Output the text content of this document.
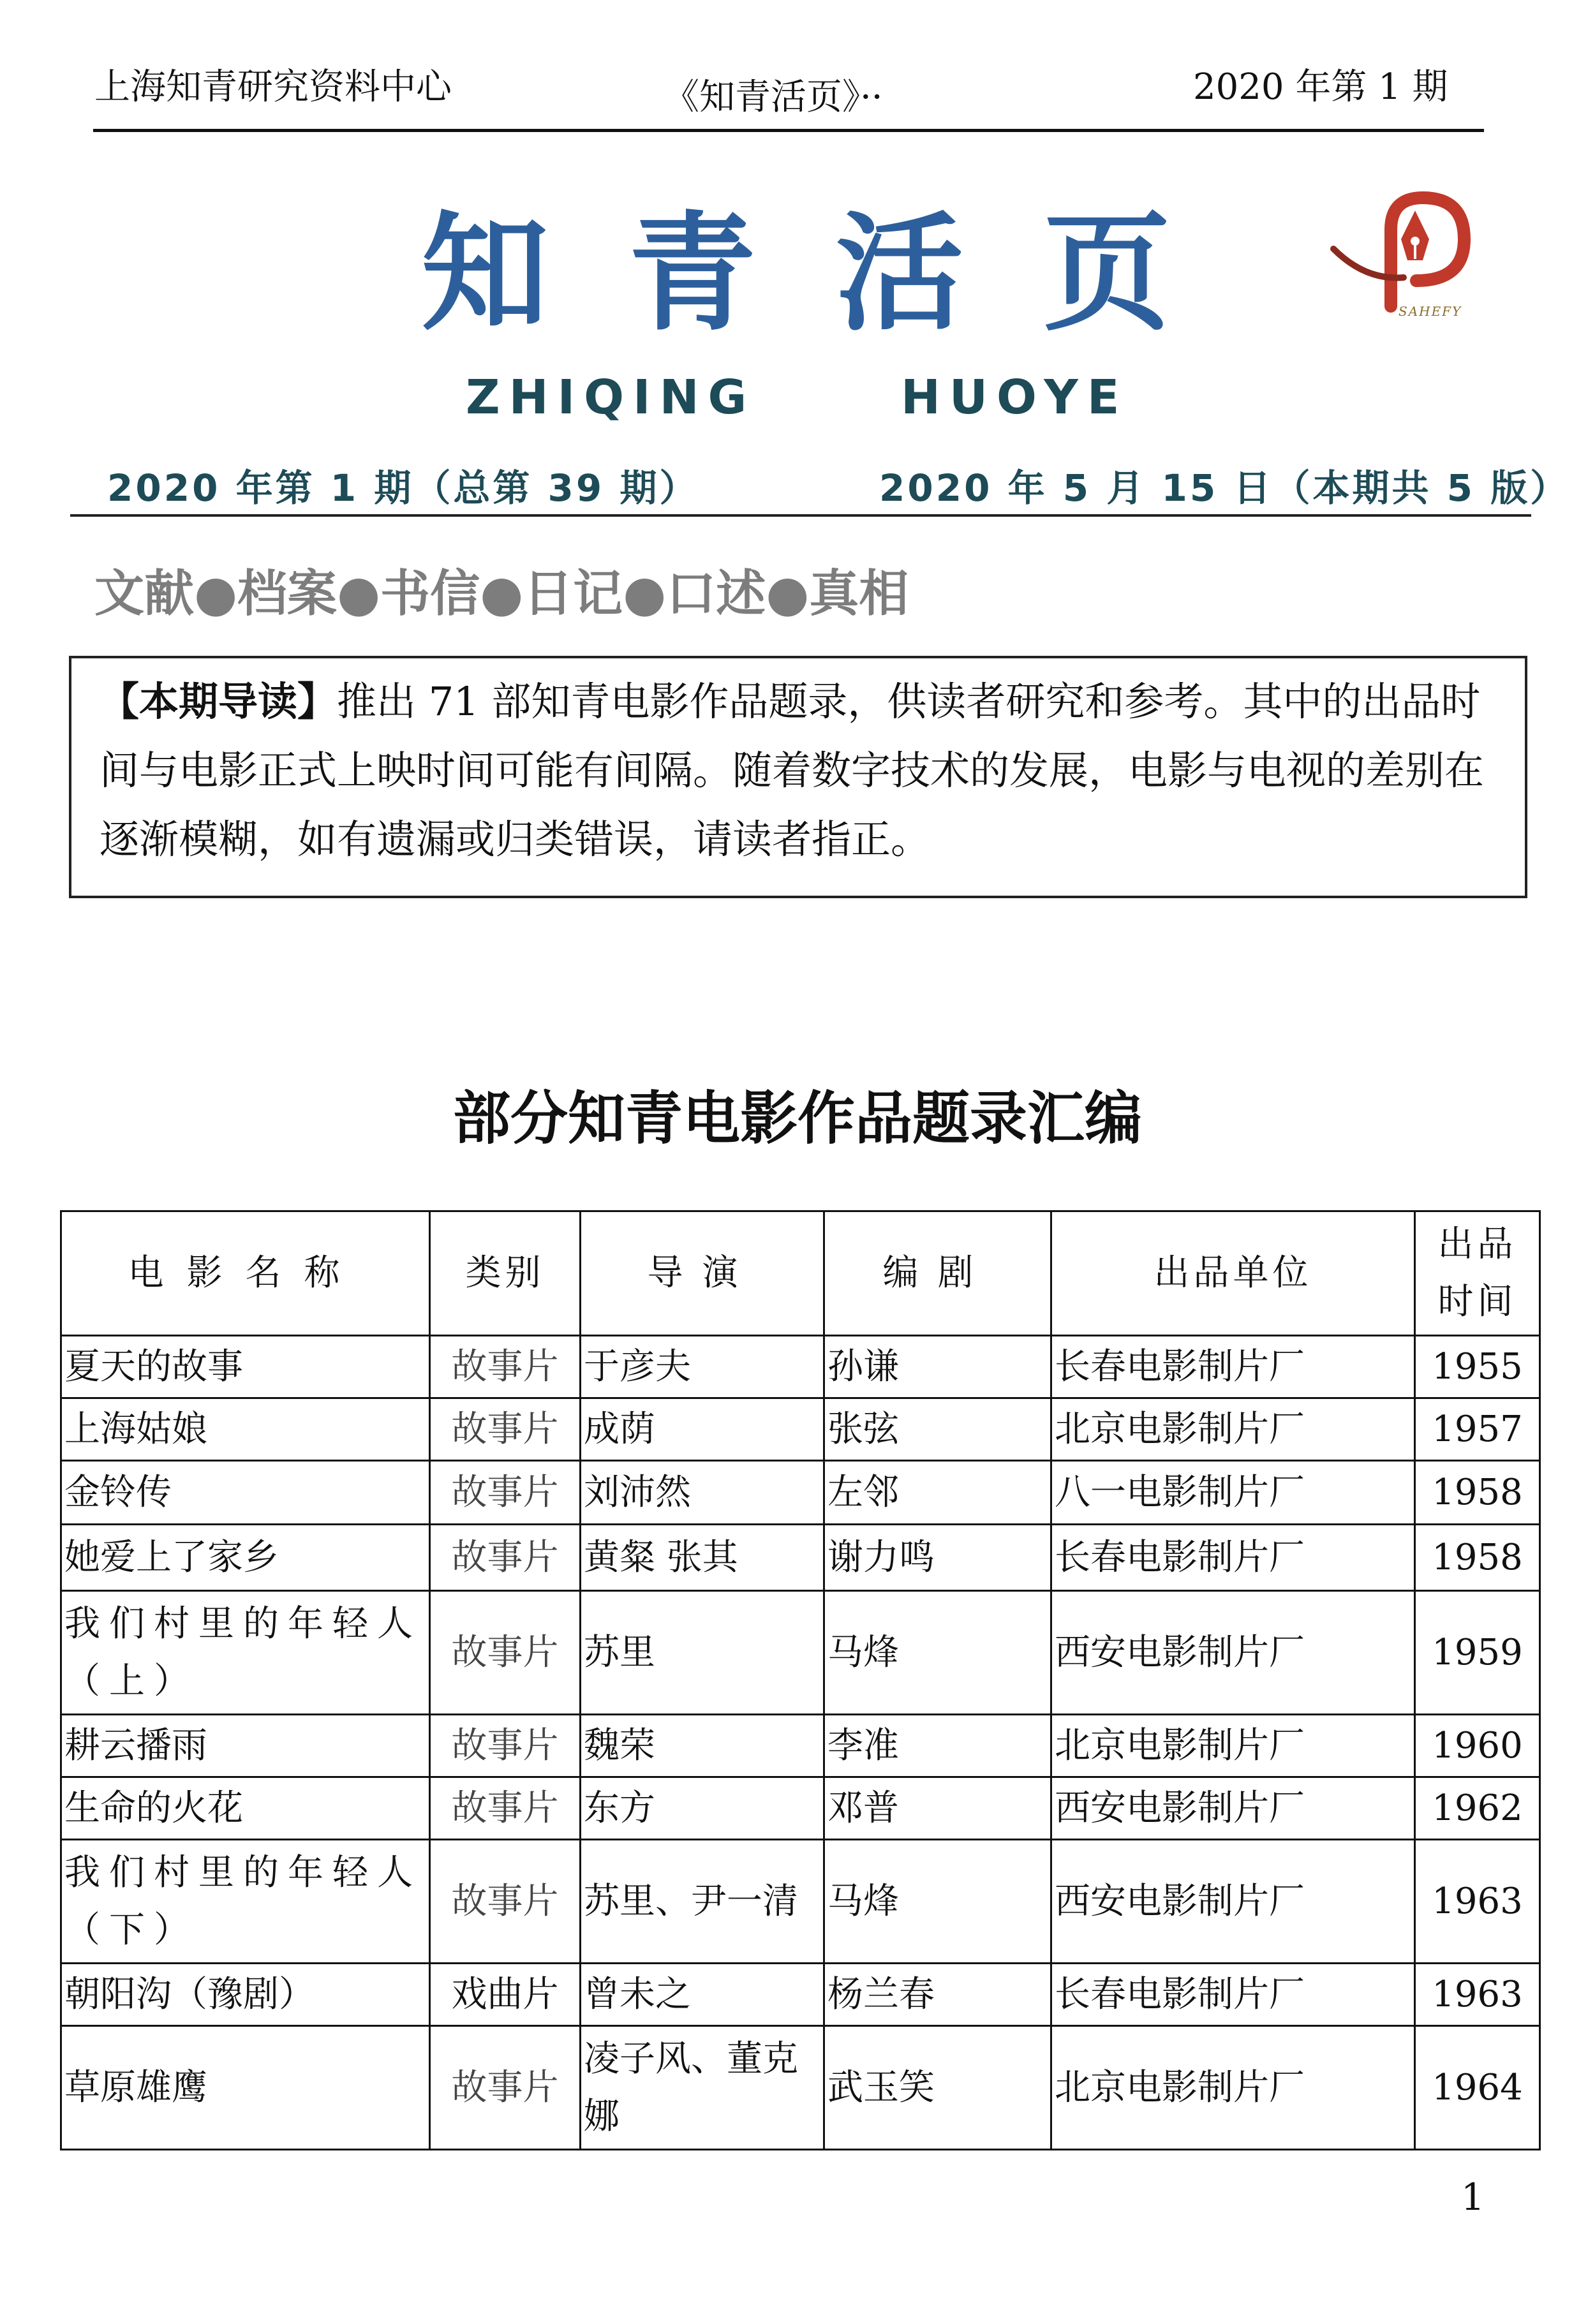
上海知青研究资料中心	《知青活页》··	2020 年第 1 期
知青活页
ZHIQING	HUOYE
SAHEFY
2020 年第 1 期（总第 39 期）	2020 年 5 月 15 日（本期共 5 版）
文献●档案●书信●日记●口述●真相
【本期导读】推出 71 部知青电影作品题录，供读者研究和参考。其中的出品时间与电影正式上映时间可能有间隔。随着数字技术的发展，电影与电视的差别在逐渐模糊，如有遗漏或归类错误，请读者指正。
部分知青电影作品题录汇编
电影名称	类别	导演	编剧	出品单位	出品时间
夏天的故事	故事片	于彦夫	孙谦	长春电影制片厂	1955
上海姑娘	故事片	成荫	张弦	北京电影制片厂	1957
金铃传	故事片	刘沛然	左邻	八一电影制片厂	1958
她爱上了家乡	故事片	黄粲 张其	谢力鸣	长春电影制片厂	1958
我们村里的年轻人（上）	故事片	苏里	马烽	西安电影制片厂	1959
耕云播雨	故事片	魏荣	李准	北京电影制片厂	1960
生命的火花	故事片	东方	邓普	西安电影制片厂	1962
我们村里的年轻人（下）	故事片	苏里、尹一清	马烽	西安电影制片厂	1963
朝阳沟（豫剧）	戏曲片	曾未之	杨兰春	长春电影制片厂	1963
草原雄鹰	故事片	凌子风、董克娜	武玉笑	北京电影制片厂	1964
1
